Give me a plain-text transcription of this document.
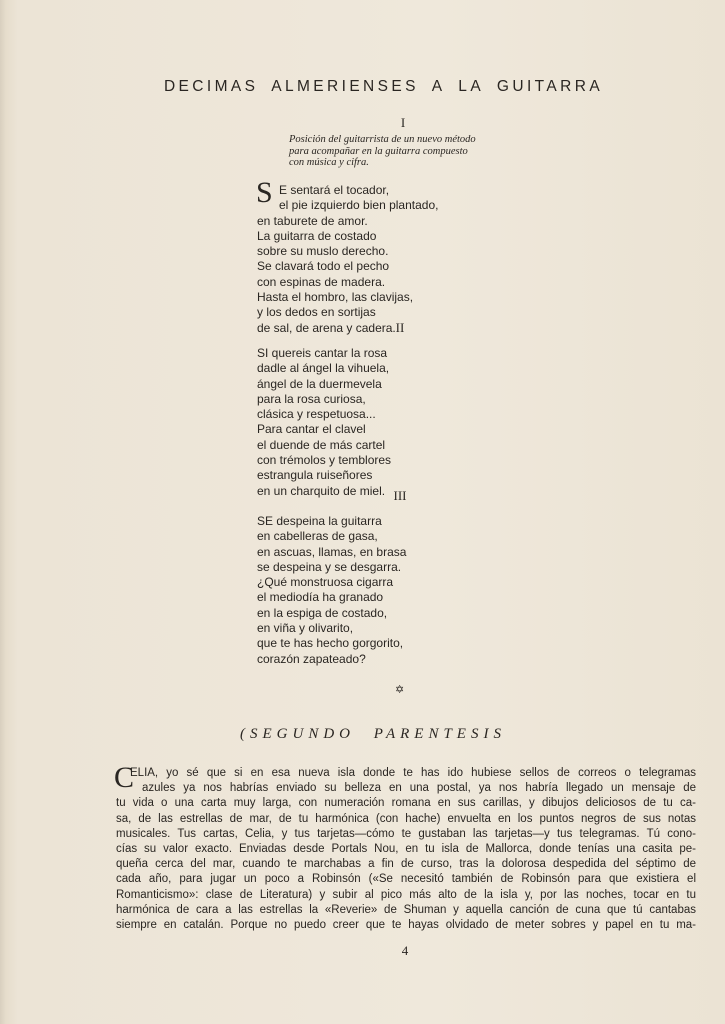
DECIMAS ALMERIENSES A LA GUITARRA
I
Posición del guitarrista de un nuevo método
para acompañar en la guitarra compuesto
con música y cifra.
S E sentará el tocador,
el pie izquierdo bien plantado,
en taburete de amor.
La guitarra de costado
sobre su muslo derecho.
Se clavará todo el pecho
con espinas de madera.
Hasta el hombro, las clavijas,
y los dedos en sortijas
de sal, de arena y cadera. II
SI quereis cantar la rosa
dadle al ángel la vihuela,
ángel de la duermevela
para la rosa curiosa,
clásica y respetuosa...
Para cantar el clavel
el duende de más cartel
con trémolos y temblores
estrangula ruiseñores
en un charquito de miel. III
SE despeina la guitarra
en cabelleras de gasa,
en ascuas, llamas, en brasa
se despeina y se desgarra.
¿Qué monstruosa cigarra
el mediodía ha granado
en la espiga de costado,
en viña y olivarito,
que te has hecho gorgorito,
corazón zapateado?
✡
(SEGUNDO PARENTESIS
C
ELIA, yo sé que si en esa nueva isla donde te has ido hubiese sellos de correos o telegramas
azules ya nos habrías enviado su belleza en una postal, ya nos habría llegado un mensaje de
tu vida o una carta muy larga, con numeración romana en sus carillas, y dibujos deliciosos de tu ca-
sa, de las estrellas de mar, de tu harmónica (con hache) envuelta en los puntos negros de sus notas
musicales. Tus cartas, Celia, y tus tarjetas—cómo te gustaban las tarjetas—y tus telegramas. Tú cono-
cías su valor exacto. Enviadas desde Portals Nou, en tu isla de Mallorca, donde tenías una casita pe-
queña cerca del mar, cuando te marchabas a fin de curso, tras la dolorosa despedida del séptimo de
cada año, para jugar un poco a Robinsón («Se necesitó también de Robinsón para que existiera el
Romanticismo»: clase de Literatura) y subir al pico más alto de la isla y, por las noches, tocar en tu
harmónica de cara a las estrellas la «Reverie» de Shuman y aquella canción de cuna que tú cantabas
siempre en catalán. Porque no puedo creer que te hayas olvidado de meter sobres y papel en tu ma-
4
